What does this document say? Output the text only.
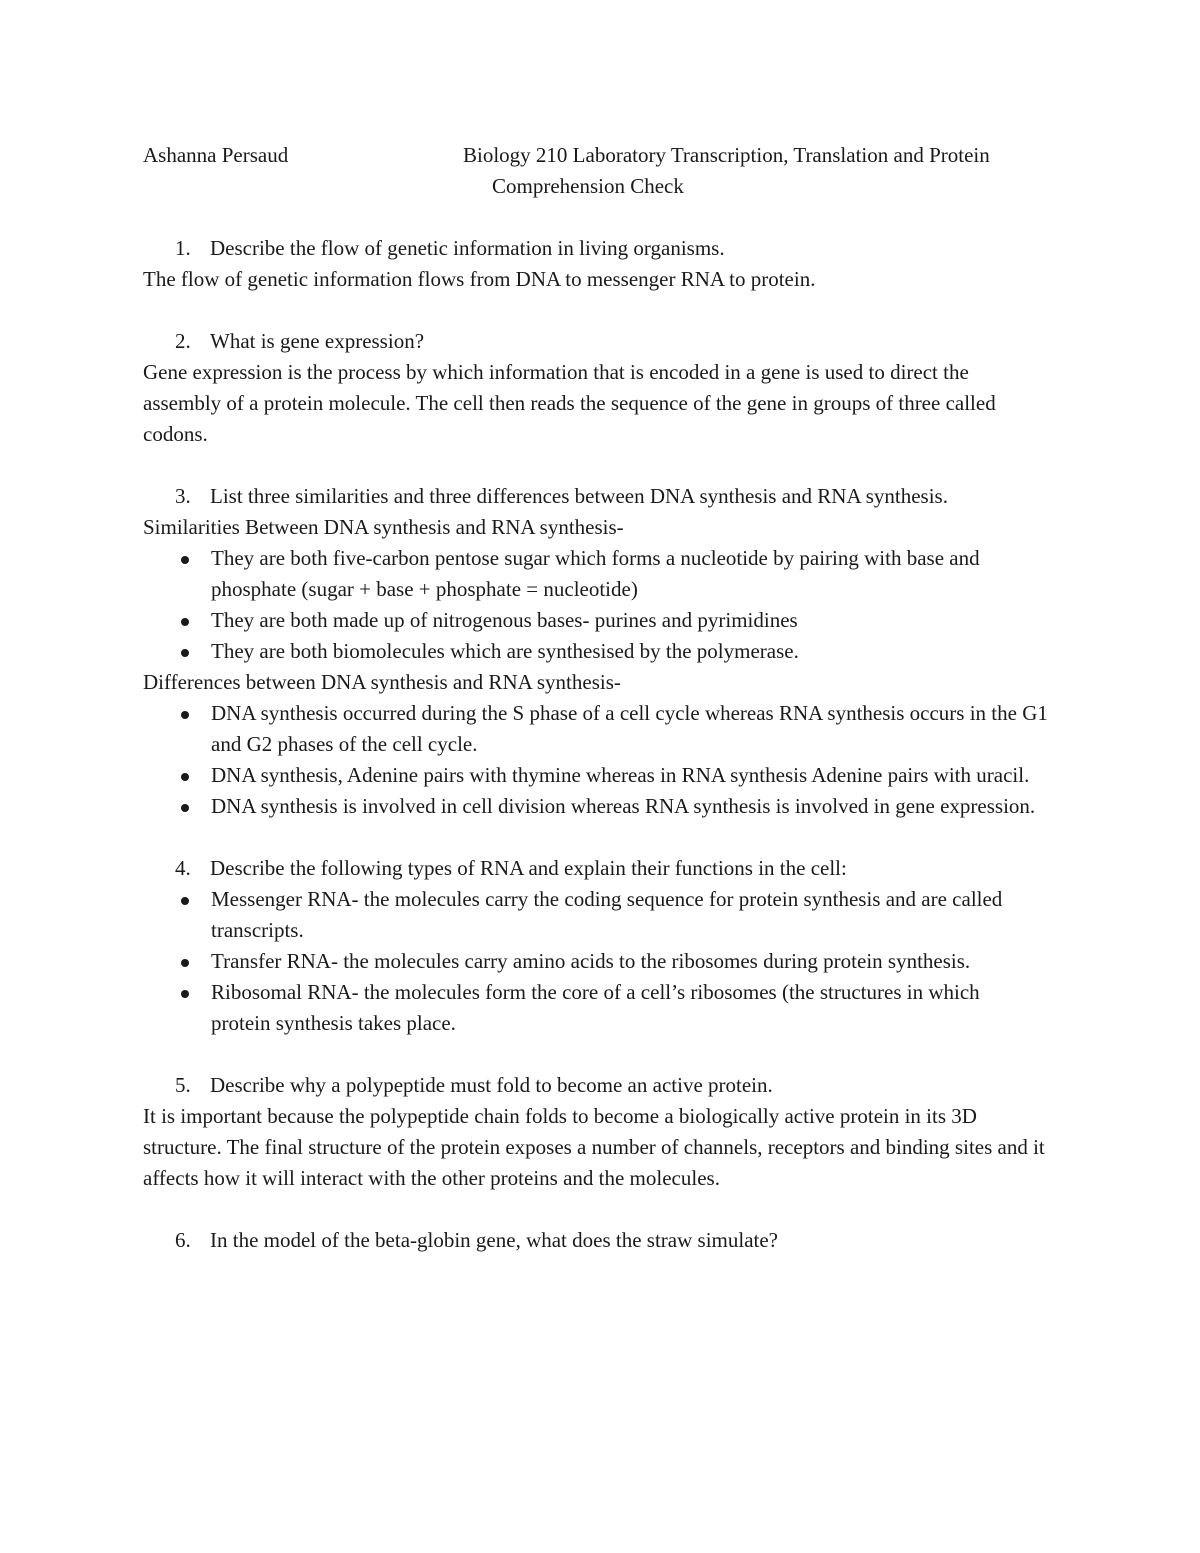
Ashanna Persaud	Biology 210 Laboratory Transcription, Translation and Protein
Comprehension Check
1. Describe the flow of genetic information in living organisms.
The flow of genetic information flows from DNA to messenger RNA to protein.
2. What is gene expression?
Gene expression is the process by which information that is encoded in a gene is used to direct the assembly of a protein molecule. The cell then reads the sequence of the gene in groups of three called codons.
3. List three similarities and three differences between DNA synthesis and RNA synthesis.
Similarities Between DNA synthesis and RNA synthesis-
They are both five-carbon pentose sugar which forms a nucleotide by pairing with base and phosphate (sugar + base + phosphate = nucleotide)
They are both made up of nitrogenous bases- purines and pyrimidines
They are both biomolecules which are synthesised by the polymerase.
Differences between DNA synthesis and RNA synthesis-
DNA synthesis occurred during the S phase of a cell cycle whereas RNA synthesis occurs in the G1 and G2 phases of the cell cycle.
DNA synthesis, Adenine pairs with thymine whereas in RNA synthesis Adenine pairs with uracil.
DNA synthesis is involved in cell division whereas RNA synthesis is involved in gene expression.
4. Describe the following types of RNA and explain their functions in the cell:
Messenger RNA- the molecules carry the coding sequence for protein synthesis and are called transcripts.
Transfer RNA- the molecules carry amino acids to the ribosomes during protein synthesis.
Ribosomal RNA- the molecules form the core of a cell’s ribosomes (the structures in which protein synthesis takes place.
5. Describe why a polypeptide must fold to become an active protein.
It is important because the polypeptide chain folds to become a biologically active protein in its 3D structure. The final structure of the protein exposes a number of channels, receptors and binding sites and it affects how it will interact with the other proteins and the molecules.
6. In the model of the beta-globin gene, what does the straw simulate?
